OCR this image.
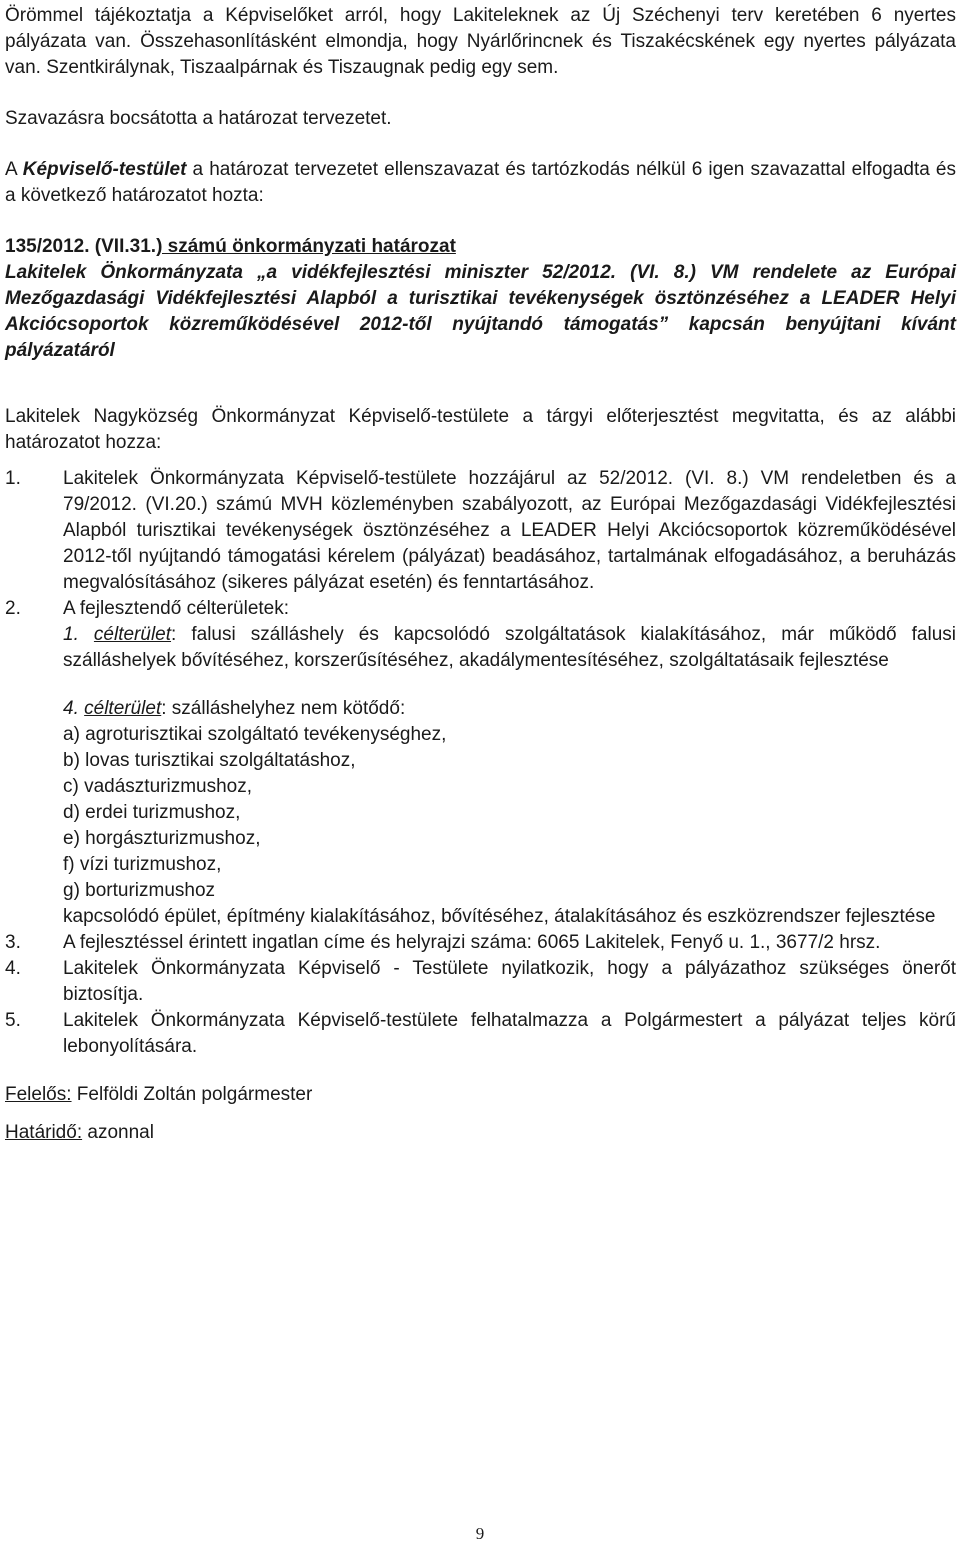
Örömmel tájékoztatja a Képviselőket arról, hogy Lakiteleknek az Új Széchenyi terv keretében 6 nyertes pályázata van. Összehasonlításként elmondja, hogy Nyárlőrincnek és Tiszakécskének egy nyertes pályázata van. Szentkirálynak, Tiszaalpárnak és Tiszaugnak pedig egy sem.

Szavazásra bocsátotta a határozat tervezetet.

A Képviselő-testület a határozat tervezetet ellenszavazat és tartózkodás nélkül 6 igen szavazattal elfogadta és a következő határozatot hozta:

135/2012. (VII.31.) számú önkormányzati határozat

Lakitelek Önkormányzata „a vidékfejlesztési miniszter 52/2012. (VI. 8.) VM rendelete az Európai Mezőgazdasági Vidékfejlesztési Alapból a turisztikai tevékenységek ösztönzéséhez a LEADER Helyi Akciócsoportok közreműködésével 2012-től nyújtandó támogatás” kapcsán benyújtani kívánt pályázatáról

Lakitelek Nagyközség Önkormányzat Képviselő-testülete a tárgyi előterjesztést megvitatta, és az alábbi határozatot hozza:

1.	Lakitelek Önkormányzata Képviselő-testülete hozzájárul az 52/2012. (VI. 8.) VM rendeletben és a 79/2012. (VI.20.) számú MVH közleményben szabályozott, az Európai Mezőgazdasági Vidékfejlesztési Alapból turisztikai tevékenységek ösztönzéséhez a LEADER Helyi Akciócsoportok közreműködésével 2012-től nyújtandó támogatási kérelem (pályázat) beadásához, tartalmának elfogadásához, a beruházás megvalósításához (sikeres pályázat esetén) és fenntartásához.

2.	A fejlesztendő célterületek:

1. célterület: falusi szálláshely és kapcsolódó szolgáltatások kialakításához, már működő falusi szálláshelyek bővítéséhez, korszerűsítéséhez, akadálymentesítéséhez, szolgáltatásaik fejlesztése

4. célterület: szálláshelyhez nem kötődő:

a) agroturisztikai szolgáltató tevékenységhez,

b) lovas turisztikai szolgáltatáshoz,

c) vadászturizmushoz,

d) erdei turizmushoz,

e) horgászturizmushoz,

f) vízi turizmushoz,

g) borturizmushoz

kapcsolódó épület, építmény kialakításához, bővítéséhez, átalakításához és eszközrendszer fejlesztése

3.	A fejlesztéssel érintett ingatlan címe és helyrajzi száma: 6065 Lakitelek, Fenyő u. 1., 3677/2 hrsz.

4.	Lakitelek Önkormányzata Képviselő - Testülete nyilatkozik, hogy a pályázathoz szükséges önerőt biztosítja.

5.	Lakitelek Önkormányzata Képviselő-testülete felhatalmazza a Polgármestert a pályázat teljes körű lebonyolítására.

Felelős: Felföldi Zoltán polgármester

Határidő: azonnal

9
